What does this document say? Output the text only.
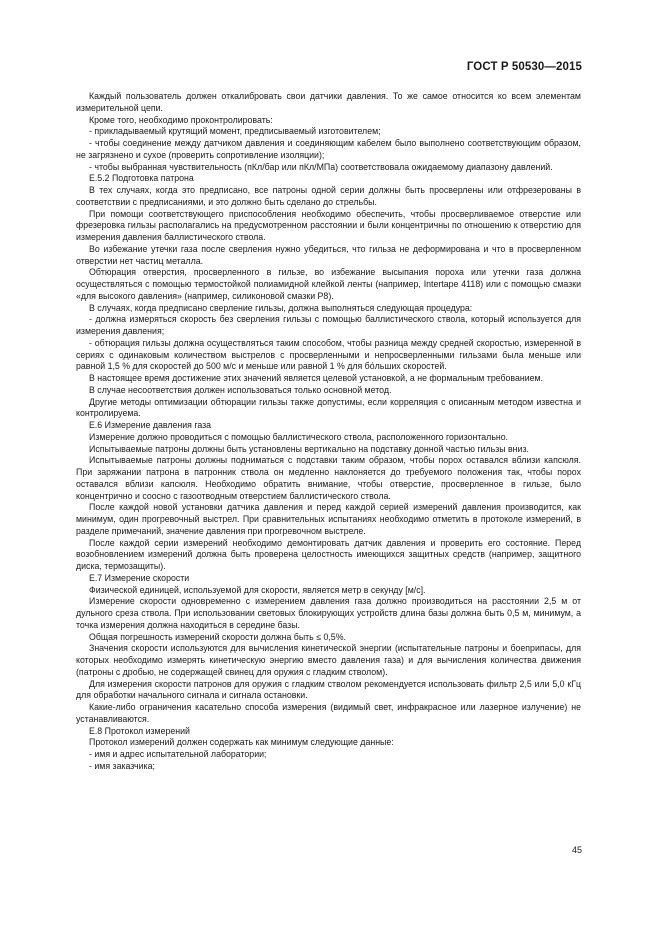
ГОСТ Р 50530—2015

Каждый пользователь должен откалибровать свои датчики давления. То же самое относится ко всем элементам измерительной цепи.

Кроме того, необходимо проконтролировать:

- прикладываемый крутящий момент, предписываемый изготовителем;

- чтобы соединение между датчиком давления и соединяющим кабелем было выполнено соответствующим образом, не загрязнено и сухое (проверить сопротивление изоляции);

- чтобы выбранная чувствительность (пКл/бар или пКл/МПа) соответствовала ожидаемому диапазону давлений.

Е.5.2 Подготовка патрона

В тех случаях, когда это предписано, все патроны одной серии должны быть просверлены или отфрезерованы в соответствии с предписаниями, и это должно быть сделано до стрельбы.

При помощи соответствующего приспособления необходимо обеспечить, чтобы просверливаемое отверстие или фрезеровка гильзы располагались на предусмотренном расстоянии и были концентричны по отношению к отверстию для измерения давления баллистического ствола.

Во избежание утечки газа после сверления нужно убедиться, что гильза не деформирована и что в просверленном отверстии нет частиц металла.

Обтюрация отверстия, просверленного в гильзе, во избежание высыпания пороха или утечки газа должна осуществляться с помощью термостойкой полиамидной клейкой ленты (например, Intertape 4118) или с помощью смазки «для высокого давления» (например, силиконовой смазки P8).

В случаях, когда предписано сверление гильзы, должна выполняться следующая процедура:

- должна измеряться скорость без сверления гильзы с помощью баллистического ствола, который используется для измерения давления;

- обтюрация гильзы должна осуществляться таким способом, чтобы разница между средней скоростью, измеренной в сериях с одинаковым количеством выстрелов с просверленными и непросверленными гильзами была меньше или равной 1,5 % для скоростей до 500 м/с и меньше или равной 1 % для бо́льших скоростей.

В настоящее время достижение этих значений является целевой установкой, а не формальным требованием.

В случае несоответствия должен использоваться только основной метод.

Другие методы оптимизации обтюрации гильзы также допустимы, если корреляция с описанным методом известна и контролируема.

Е.6 Измерение давления газа

Измерение должно проводиться с помощью баллистического ствола, расположенного горизонтально.

Испытываемые патроны должны быть установлены вертикально на подставку донной частью гильзы вниз.

Испытываемые патроны должны подниматься с подставки таким образом, чтобы порох оставался вблизи капсюля. При заряжании патрона в патронник ствола он медленно наклоняется до требуемого положения так, чтобы порох оставался вблизи капсюля. Необходимо обратить внимание, чтобы отверстие, просверленное в гильзе, было концентрично и соосно с газоотводным отверстием баллистического ствола.

После каждой новой установки датчика давления и перед каждой серией измерений давления производится, как минимум, один прогревочный выстрел. При сравнительных испытаниях необходимо отметить в протоколе измерений, в разделе примечаний, значение давления при прогревочном выстреле.

После каждой серии измерений необходимо демонтировать датчик давления и проверить его состояние. Перед возобновлением измерений должна быть проверена целостность имеющихся защитных средств (например, защитного диска, термозащиты).

Е.7 Измерение скорости

Физической единицей, используемой для скорости, является метр в секунду [м/с].

Измерение скорости одновременно с измерением давления газа должно производиться на расстоянии 2,5 м от дульного среза ствола. При использовании световых блокирующих устройств длина базы должна быть 0,5 м, минимум, а точка измерения должна находиться в середине базы.

Общая погрешность измерений скорости должна быть ≤ 0,5%.

Значения скорости используются для вычисления кинетической энергии (испытательные патроны и боеприпасы, для которых необходимо измерять кинетическую энергию вместо давления газа) и для вычисления количества движения (патроны с дробью, не содержащей свинец для оружия с гладким стволом).

Для измерения скорости патронов для оружия с гладким стволом рекомендуется использовать фильтр 2,5 или 5,0 кГц для обработки начального сигнала и сигнала остановки.

Какие-либо ограничения касательно способа измерения (видимый свет, инфракрасное или лазерное излучение) не устанавливаются.

Е.8 Протокол измерений

Протокол измерений должен содержать как минимум следующие данные:

- имя и адрес испытательной лаборатории;

- имя заказчика;

45
